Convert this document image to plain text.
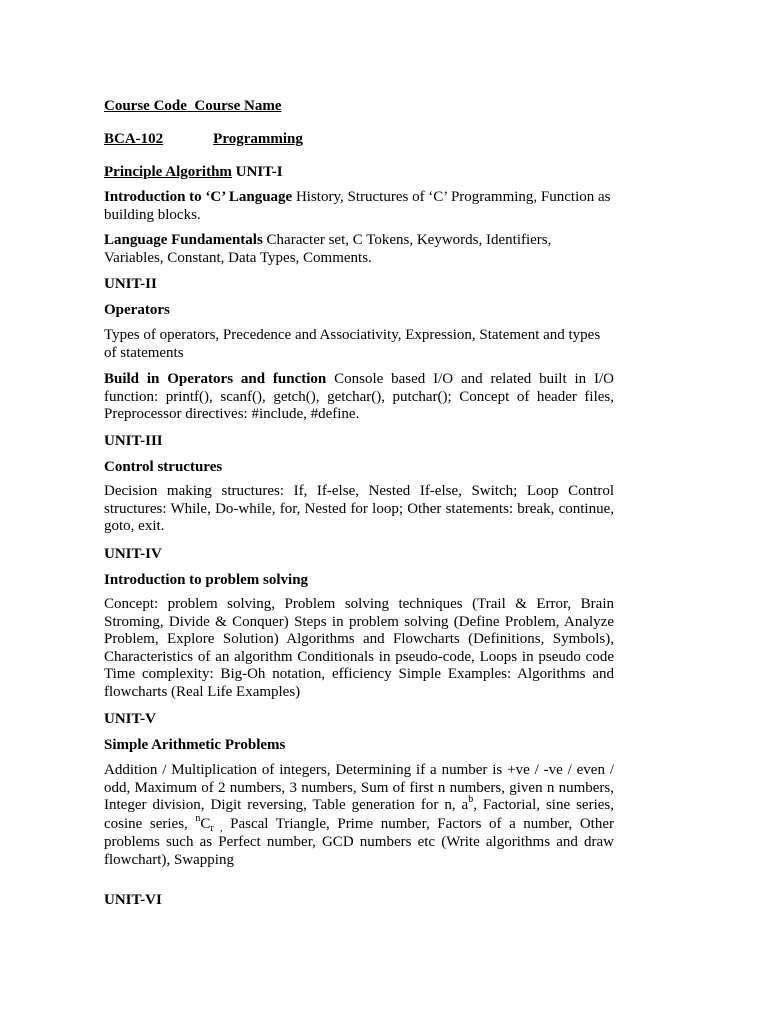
Course Code Course Name
BCA-102	Programming
Principle Algorithm UNIT-I
Introduction to ‘C’ Language History, Structures of ‘C’ Programming, Function as building blocks.
Language Fundamentals Character set, C Tokens, Keywords, Identifiers, Variables, Constant, Data Types, Comments.
UNIT-II
Operators
Types of operators, Precedence and Associativity, Expression, Statement and types of statements
Build in Operators and function Console based I/O and related built in I/O function: printf(), scanf(), getch(), getchar(), putchar(); Concept of header files, Preprocessor directives: #include, #define.
UNIT-III
Control structures
Decision making structures: If, If-else, Nested If-else, Switch; Loop Control structures: While, Do-while, for, Nested for loop; Other statements: break, continue, goto, exit.
UNIT-IV
Introduction to problem solving
Concept: problem solving, Problem solving techniques (Trail & Error, Brain Stroming, Divide & Conquer) Steps in problem solving (Define Problem, Analyze Problem, Explore Solution) Algorithms and Flowcharts (Definitions, Symbols), Characteristics of an algorithm Conditionals in pseudo-code, Loops in pseudo code Time complexity: Big-Oh notation, efficiency Simple Examples: Algorithms and flowcharts (Real Life Examples)
UNIT-V
Simple Arithmetic Problems
Addition / Multiplication of integers, Determining if a number is +ve / -ve / even / odd, Maximum of 2 numbers, 3 numbers, Sum of first n numbers, given n numbers, Integer division, Digit reversing, Table generation for n, $a^b$, Factorial, sine series, cosine series, $^nC_r$ $_,$ Pascal Triangle, Prime number, Factors of a number, Other problems such as Perfect number, GCD numbers etc (Write algorithms and draw flowchart), Swapping
UNIT-VI
